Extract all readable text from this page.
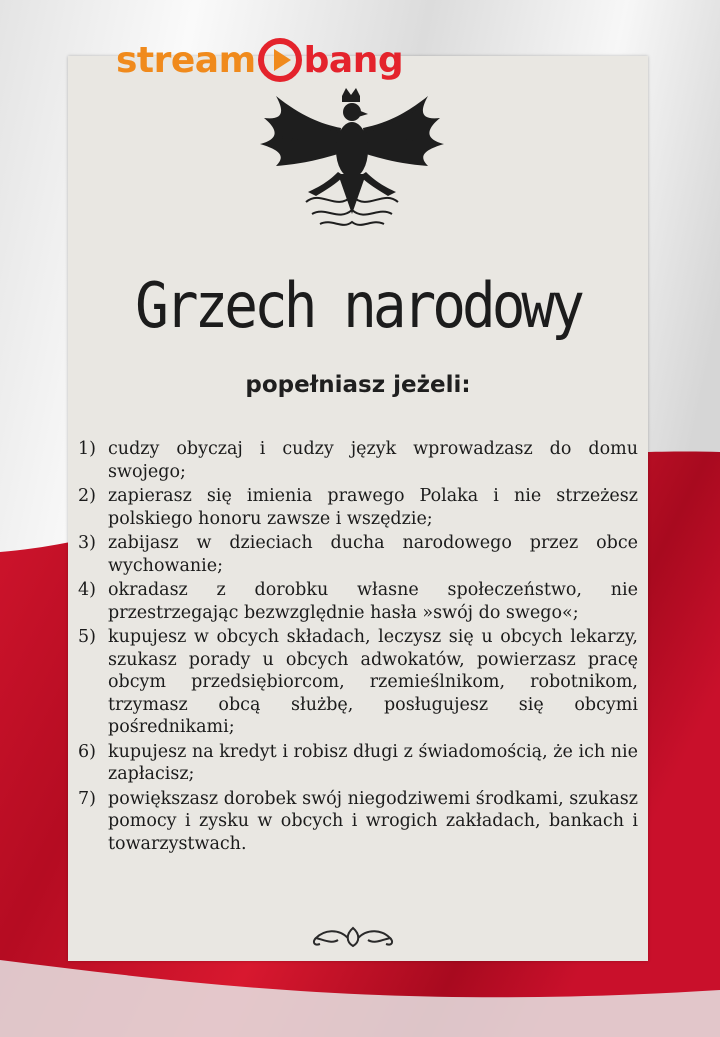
stream bang
Grzech narodowy
popełniasz jeżeli:
1) cudzy obyczaj i cudzy język wprowadzasz do domu swojego;
2) zapierasz się imienia prawego Polaka i nie strzeżesz polskiego honoru zawsze i wszędzie;
3) zabijasz w dzieciach ducha narodowego przez obce wychowanie;
4) okradasz z dorobku własne społeczeństwo, nie przestrzegając bezwzględnie hasła »swój do swego«;
5) kupujesz w obcych składach, leczysz się u obcych lekarzy, szukasz porady u obcych adwokatów, powierzasz pracę obcym przedsiębiorcom, rzemieślnikom, robotnikom, trzymasz obcą służbę, posługujesz się obcymi pośrednikami;
6) kupujesz na kredyt i robisz długi z świadomością, że ich nie zapłacisz;
7) powiększasz dorobek swój niegodziwemi środkami, szukasz pomocy i zysku w obcych i wrogich zakładach, bankach i towarzystwach.
